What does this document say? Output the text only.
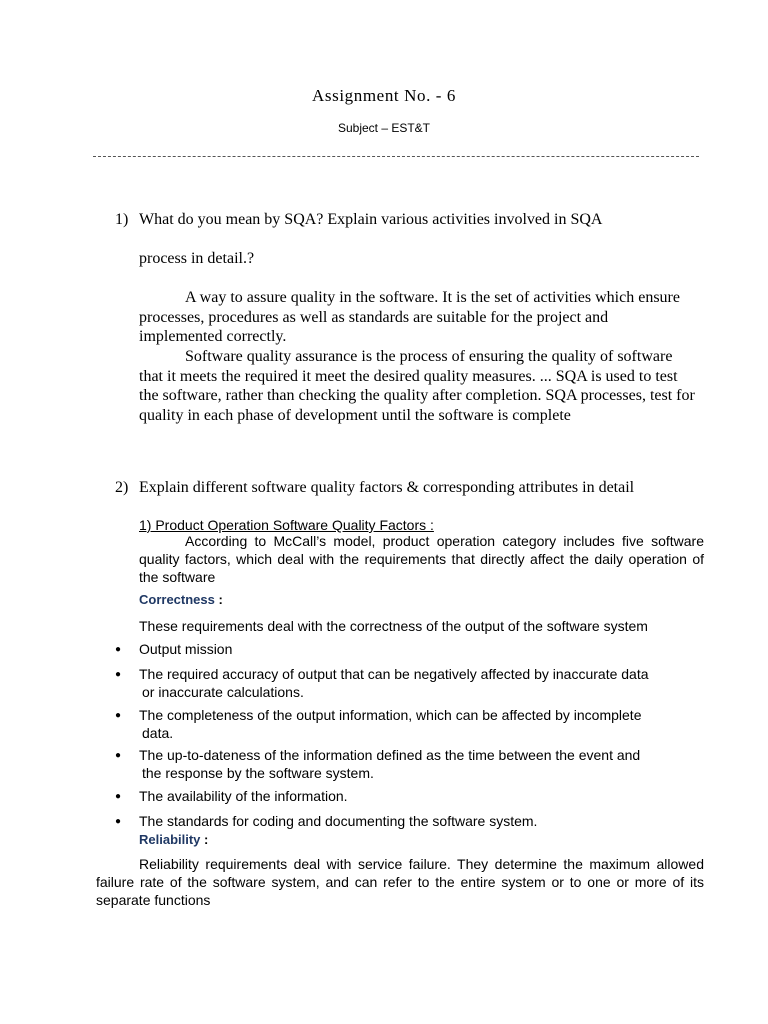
Assignment No. - 6
Subject – EST&T
1) What do you mean by SQA? Explain various activities involved in SQA
process in detail.?
A way to assure quality in the software. It is the set of activities which ensure processes, procedures as well as standards are suitable for the project and implemented correctly.
Software quality assurance is the process of ensuring the quality of software that it meets the required it meet the desired quality measures. ... SQA is used to test the software, rather than checking the quality after completion. SQA processes, test for quality in each phase of development until the software is complete
2) Explain different software quality factors & corresponding attributes in detail
1) Product Operation Software Quality Factors :
According to McCall’s model, product operation category includes five software quality factors, which deal with the requirements that directly affect the daily operation of the software
Correctness :
These requirements deal with the correctness of the output of the software system
●	Output mission
●	The required accuracy of output that can be negatively affected by inaccurate data
or inaccurate calculations.
●	The completeness of the output information, which can be affected by incomplete
data.
●	The up-to-dateness of the information defined as the time between the event and
the response by the software system.
●	The availability of the information.
●	The standards for coding and documenting the software system.
Reliability :
Reliability requirements deal with service failure. They determine the maximum allowed failure rate of the software system, and can refer to the entire system or to one or more of its separate functions
